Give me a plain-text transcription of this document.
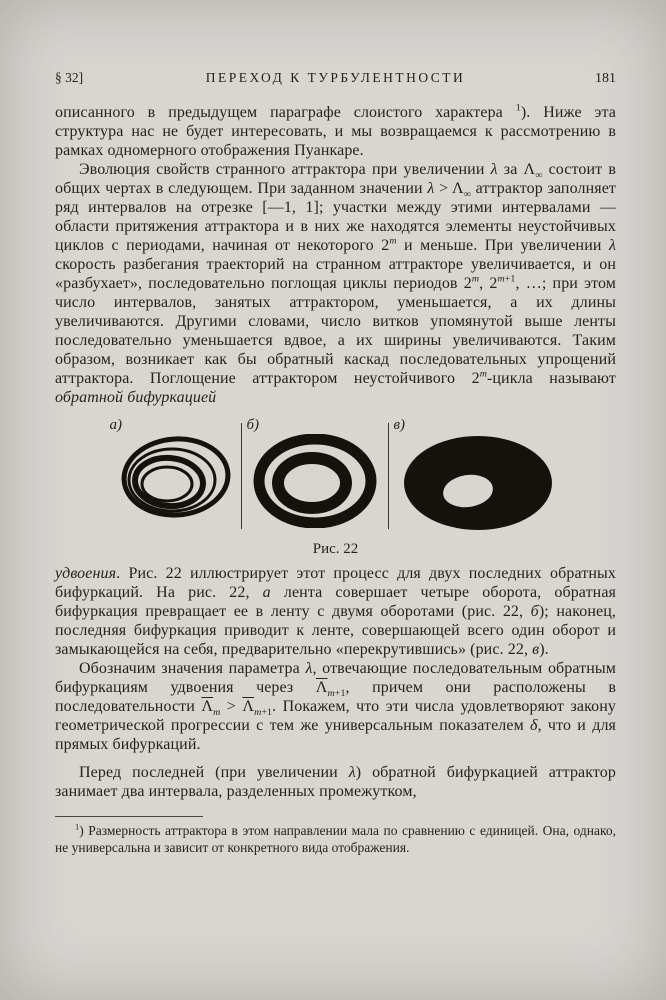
§ 32]	ПЕРЕХОД К ТУРБУЛЕНТНОСТИ	181

описанного в предыдущем параграфе слоистого характера $^1$). Ниже эта структура нас не будет интересовать, и мы возвращаемся к рассмотрению в рамках одномерного отображения Пуанкаре.

Эволюция свойств странного аттрактора при увеличении λ за $\Lambda_\infty$ состоит в общих чертах в следующем. При заданном значении $\lambda > \Lambda_\infty$ аттрактор заполняет ряд интервалов на отрезке [—1, 1]; участки между этими интервалами — области притяжения аттрактора и в них же находятся элементы неустойчивых циклов с периодами, начиная от некоторого 2$^m$ и меньше. При увеличении λ скорость разбегания траекторий на странном аттракторе увеличивается, и он «разбухает», последовательно поглощая циклы периодов 2$^m$, $2^{m+1}$, …; при этом число интервалов, занятых аттрактором, уменьшается, а их длины увеличиваются. Другими словами, число витков упомянутой выше ленты последовательно уменьшается вдвое, а их ширины увеличиваются. Таким образом, возникает как бы обратный каскад последовательных упрощений аттрактора. Поглощение аттрактором неустойчивого 2$^m$-цикла называют обратной бифуркацией

а)	б)	в)
Рис. 22

удвоения. Рис. 22 иллюстрирует этот процесс для двух последних обратных бифуркаций. На рис. 22, а лента совершает четыре оборота, обратная бифуркация превращает ее в ленту с двумя оборотами (рис. 22, б); наконец, последняя бифуркация приводит к ленте, совершающей всего один оборот и замыкающейся на себя, предварительно «перекрутившись» (рис. 22, в).

Обозначим значения параметра λ, отвечающие последовательным обратным бифуркациям удвоения через $\overline{\Lambda}_{m+1}$, причем они расположены в последовательности $\overline{\Lambda}_m > \overline{\Lambda}_{m+1}$. Покажем, что эти числа удовлетворяют закону геометрической прогрессии с тем же универсальным показателем δ, что и для прямых бифуркаций.

Перед последней (при увеличении λ) обратной бифуркацией аттрактор занимает два интервала, разделенных промежутком,

$^1$) Размерность аттрактора в этом направлении мала по сравнению с единицей. Она, однако, не универсальна и зависит от конкретного вида отображения.
